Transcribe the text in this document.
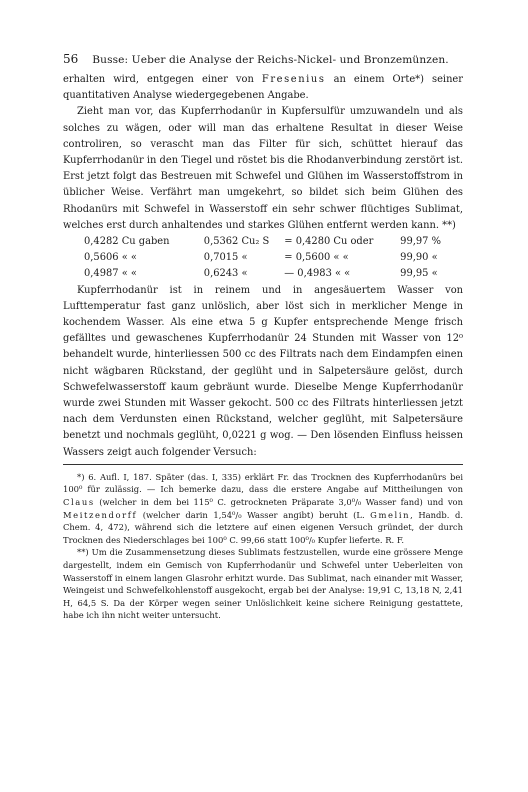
56 Busse: Ueber die Analyse der Reichs-Nickel- und Bronzemünzen.

erhalten wird, entgegen einer von Fresenius an einem Orte*) seiner quantitativen Analyse wiedergegebenen Angabe.

Zieht man vor, das Kupferrhodanür in Kupfersulfür umzuwandeln und als solches zu wägen, oder will man das erhaltene Resultat in dieser Weise controliren, so verascht man das Filter für sich, schüttet hierauf das Kupferrhodanür in den Tiegel und röstet bis die Rhodanverbindung zerstört ist. Erst jetzt folgt das Bestreuen mit Schwefel und Glühen im Wasserstoffstrom in üblicher Weise. Verfährt man umgekehrt, so bildet sich beim Glühen des Rhodanürs mit Schwefel in Wasserstoff ein sehr schwer flüchtiges Sublimat, welches erst durch anhaltendes und starkes Glühen entfernt werden kann. **)

0,4282 Cu gaben	0,5362 Cu₂ S	= 0,4280 Cu oder	99,97 %
0,5606 « «	0,7015 «	= 0,5600 « «	99,90 «
0,4987 « «	0,6243 «	— 0,4983 « «	99,95 «

Kupferrhodanür ist in reinem und in angesäuertem Wasser von Lufttemperatur fast ganz unlöslich, aber löst sich in merklicher Menge in kochendem Wasser. Als eine etwa 5 g Kupfer entsprechende Menge frisch gefälltes und gewaschenes Kupferrhodanür 24 Stunden mit Wasser von 12⁰ behandelt wurde, hinterliessen 500 cc des Filtrats nach dem Eindampfen einen nicht wägbaren Rückstand, der geglüht und in Salpetersäure gelöst, durch Schwefelwasserstoff kaum gebräunt wurde. Dieselbe Menge Kupferrhodanür wurde zwei Stunden mit Wasser gekocht. 500 cc des Filtrats hinterliessen jetzt nach dem Verdunsten einen Rückstand, welcher geglüht, mit Salpetersäure benetzt und nochmals geglüht, 0,0221 g wog. — Den lösenden Einfluss heissen Wassers zeigt auch folgender Versuch:

*) 6. Aufl. I, 187. Später (das. I, 335) erklärt Fr. das Trocknen des Kupferrhodanürs bei 100⁰ für zulässig. — Ich bemerke dazu, dass die erstere Angabe auf Mittheilungen von Claus (welcher in dem bei 115⁰ C. getrockneten Präparate 3,0⁰/₀ Wasser fand) und von Meitzendorff (welcher darin 1,54⁰/₀ Wasser angibt) beruht (L. Gmelin, Handb. d. Chem. 4, 472), während sich die letztere auf einen eigenen Versuch gründet, der durch Trocknen des Niederschlages bei 100⁰ C. 99,66 statt 100⁰/₀ Kupfer lieferte. R. F.

**) Um die Zusammensetzung dieses Sublimats festzustellen, wurde eine grössere Menge dargestellt, indem ein Gemisch von Kupferrhodanür und Schwefel unter Ueberleiten von Wasserstoff in einem langen Glasrohr erhitzt wurde. Das Sublimat, nach einander mit Wasser, Weingeist und Schwefelkohlenstoff ausgekocht, ergab bei der Analyse: 19,91 C, 13,18 N, 2,41 H, 64,5 S. Da der Körper wegen seiner Unlöslichkeit keine sichere Reinigung gestattete, habe ich ihn nicht weiter untersucht.
